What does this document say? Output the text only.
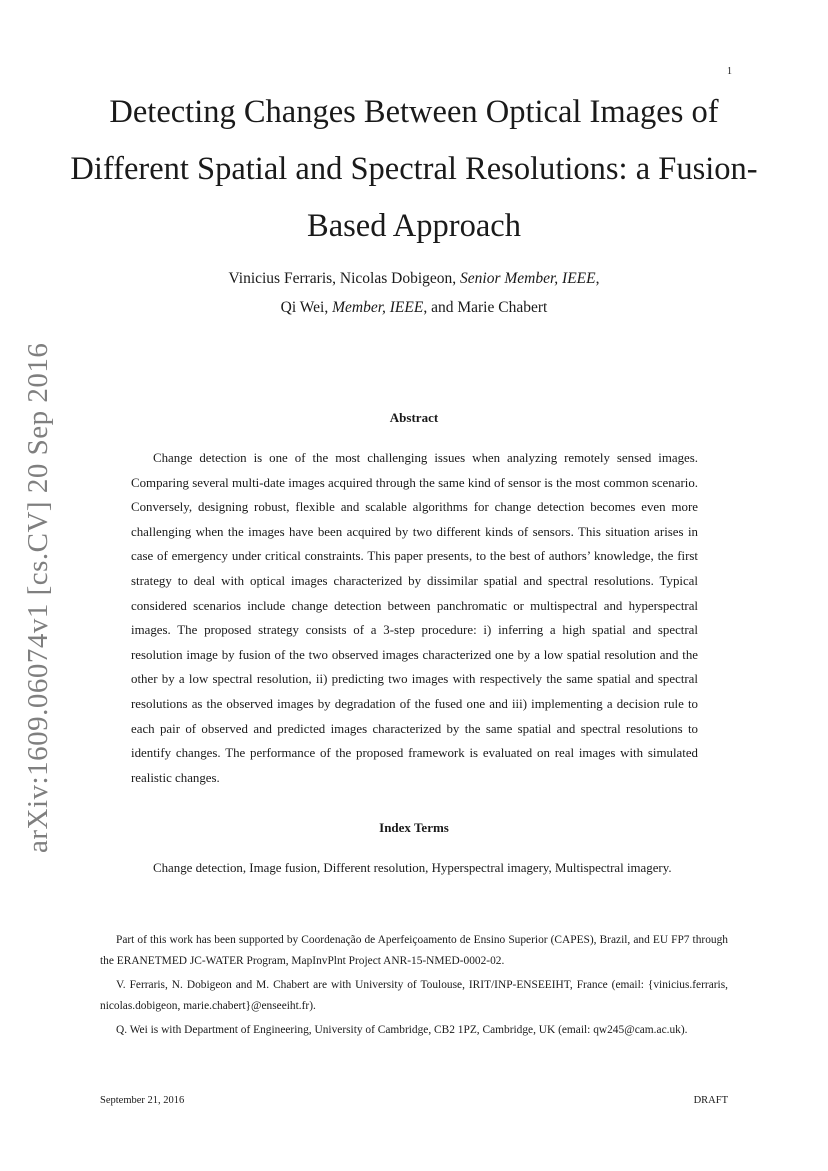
1
arXiv:1609.06074v1 [cs.CV] 20 Sep 2016
Detecting Changes Between Optical Images of Different Spatial and Spectral Resolutions: a Fusion-Based Approach
Vinicius Ferraris, Nicolas Dobigeon, Senior Member, IEEE,
Qi Wei, Member, IEEE, and Marie Chabert
Abstract

Change detection is one of the most challenging issues when analyzing remotely sensed images. Comparing several multi-date images acquired through the same kind of sensor is the most common scenario. Conversely, designing robust, flexible and scalable algorithms for change detection becomes even more challenging when the images have been acquired by two different kinds of sensors. This situation arises in case of emergency under critical constraints. This paper presents, to the best of authors’ knowledge, the first strategy to deal with optical images characterized by dissimilar spatial and spectral resolutions. Typical considered scenarios include change detection between panchromatic or multispectral and hyperspectral images. The proposed strategy consists of a 3-step procedure: i) inferring a high spatial and spectral resolution image by fusion of the two observed images characterized one by a low spatial resolution and the other by a low spectral resolution, ii) predicting two images with respectively the same spatial and spectral resolutions as the observed images by degradation of the fused one and iii) implementing a decision rule to each pair of observed and predicted images characterized by the same spatial and spectral resolutions to identify changes. The performance of the proposed framework is evaluated on real images with simulated realistic changes.

Index Terms

Change detection, Image fusion, Different resolution, Hyperspectral imagery, Multispectral imagery.

Part of this work has been supported by Coordenação de Aperfeiçoamento de Ensino Superior (CAPES), Brazil, and EU FP7 through the ERANETMED JC-WATER Program, MapInvPlnt Project ANR-15-NMED-0002-02.

V. Ferraris, N. Dobigeon and M. Chabert are with University of Toulouse, IRIT/INP-ENSEEIHT, France (email: {vinicius.ferraris, nicolas.dobigeon, marie.chabert}@enseeiht.fr).

Q. Wei is with Department of Engineering, University of Cambridge, CB2 1PZ, Cambridge, UK (email: qw245@cam.ac.uk).

September 21, 2016	DRAFT
